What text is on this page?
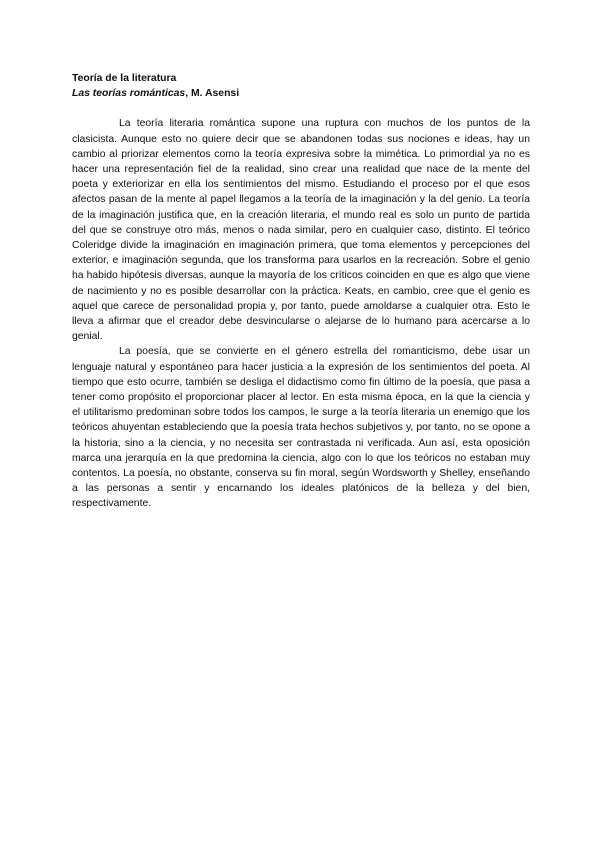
Teoría de la literatura

Las teorías románticas, M. Asensi

La teoría literaria romántica supone una ruptura con muchos de los puntos de la clasicista. Aunque esto no quiere decir que se abandonen todas sus nociones e ideas, hay un cambio al priorizar elementos como la teoría expresiva sobre la mimética. Lo primordial ya no es hacer una representación fiel de la realidad, sino crear una realidad que nace de la mente del poeta y exteriorizar en ella los sentimientos del mismo. Estudiando el proceso por el que esos afectos pasan de la mente al papel llegamos a la teoría de la imaginación y la del genio. La teoría de la imaginación justifica que, en la creación literaria, el mundo real es solo un punto de partida del que se construye otro más, menos o nada similar, pero en cualquier caso, distinto. El teórico Coleridge divide la imaginación en imaginación primera, que toma elementos y percepciones del exterior, e imaginación segunda, que los transforma para usarlos en la recreación. Sobre el genio ha habido hipótesis diversas, aunque la mayoría de los críticos coinciden en que es algo que viene de nacimiento y no es posible desarrollar con la práctica. Keats, en cambio, cree que el genio es aquel que carece de personalidad propia y, por tanto, puede amoldarse a cualquier otra. Esto le lleva a afirmar que el creador debe desvincularse o alejarse de lo humano para acercarse a lo genial.

La poesía, que se convierte en el género estrella del romanticismo, debe usar un lenguaje natural y espontáneo para hacer justicia a la expresión de los sentimientos del poeta. Al tiempo que esto ocurre, también se desliga el didactismo como fin último de la poesía, que pasa a tener como propósito el proporcionar placer al lector. En esta misma época, en la que la ciencia y el utilitarismo predominan sobre todos los campos, le surge a la teoría literaria un enemigo que los teóricos ahuyentan estableciendo que la poesía trata hechos subjetivos y, por tanto, no se opone a la historia, sino a la ciencia, y no necesita ser contrastada ni verificada. Aun así, esta oposición marca una jerarquía en la que predomina la ciencia, algo con lo que los teóricos no estaban muy contentos. La poesía, no obstante, conserva su fin moral, según Wordsworth y Shelley, enseñando a las personas a sentir y encarnando los ideales platónicos de la belleza y del bien, respectivamente.
